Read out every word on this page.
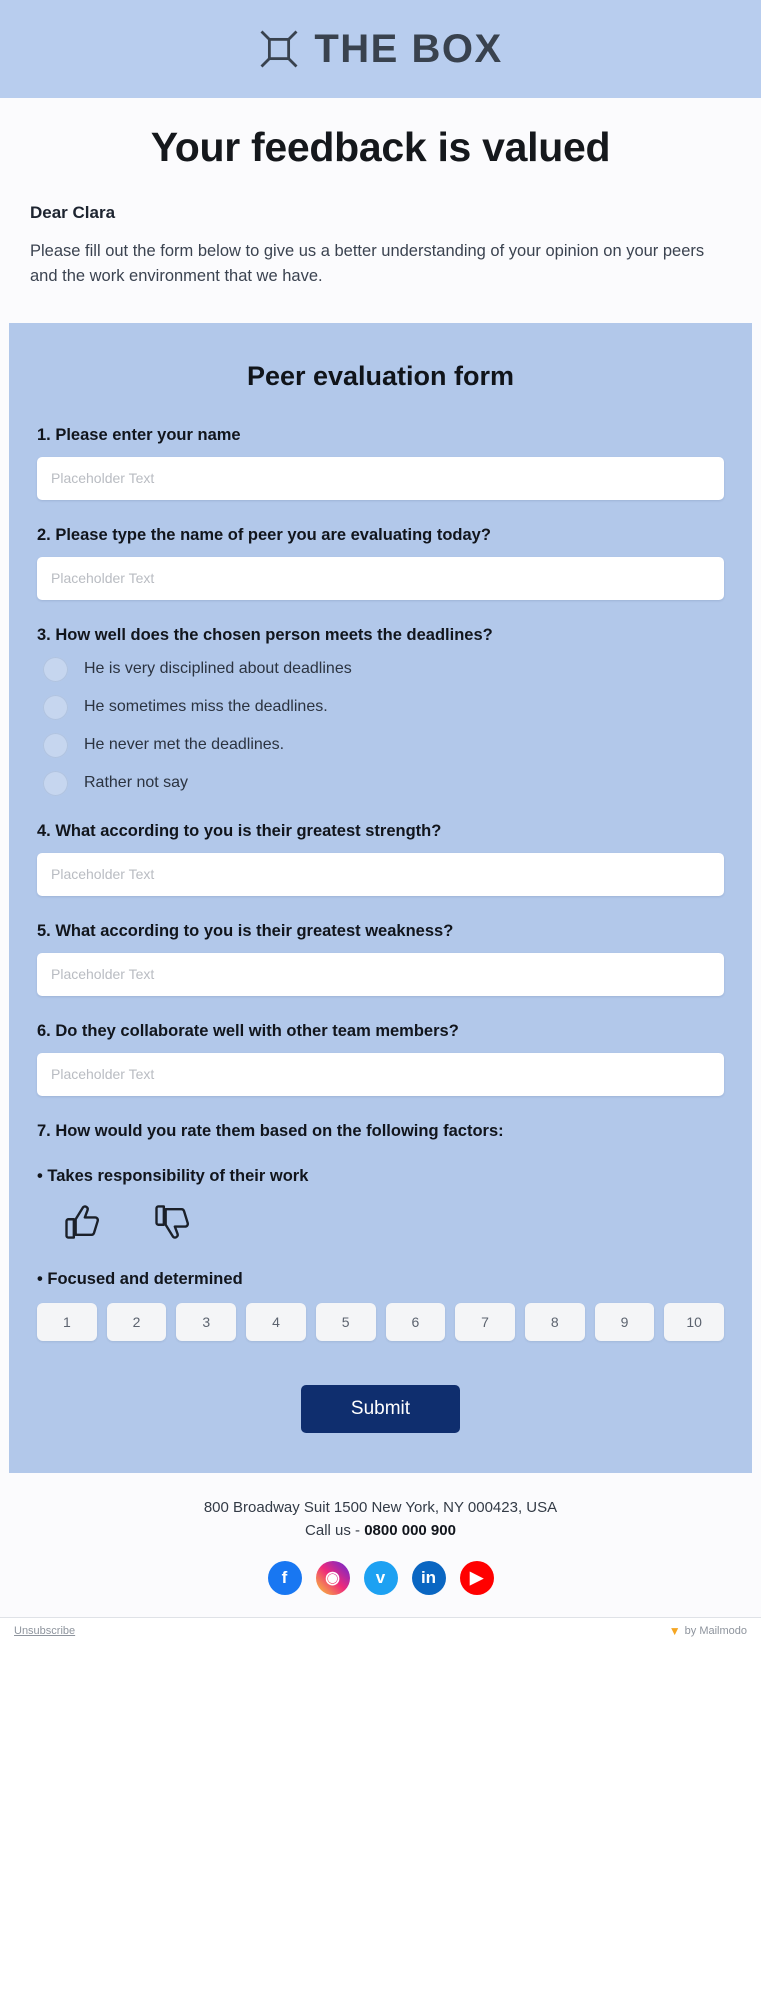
THE BOX
Your feedback is valued

Dear Clara

Please fill out the form below to give us a better understanding of your opinion on your peers and the work environment that we have.

Peer evaluation form
1. Please enter your name
Placeholder Text
2. Please type the name of peer you are evaluating today?
Placeholder Text
3. How well does the chosen person meets the deadlines?
He is very disciplined about deadlines
He sometimes miss the deadlines.
He never met the deadlines.
Rather not say
4. What according to you is their greatest strength?
Placeholder Text
5. What according to you is their greatest weakness?
Placeholder Text
6. Do they collaborate well with other team members?
Placeholder Text
7. How would you rate them based on the following factors:
• Takes responsibility of their work
• Focused and determined
1	2	3	4	5	6	7	8	9	10
Submit

800 Broadway Suit 1500 New York, NY 000423, USA

Call us - 0800 000 900

f	◉	ᴠ	in	▶
Unsubscribe	▼ by Mailmodo
